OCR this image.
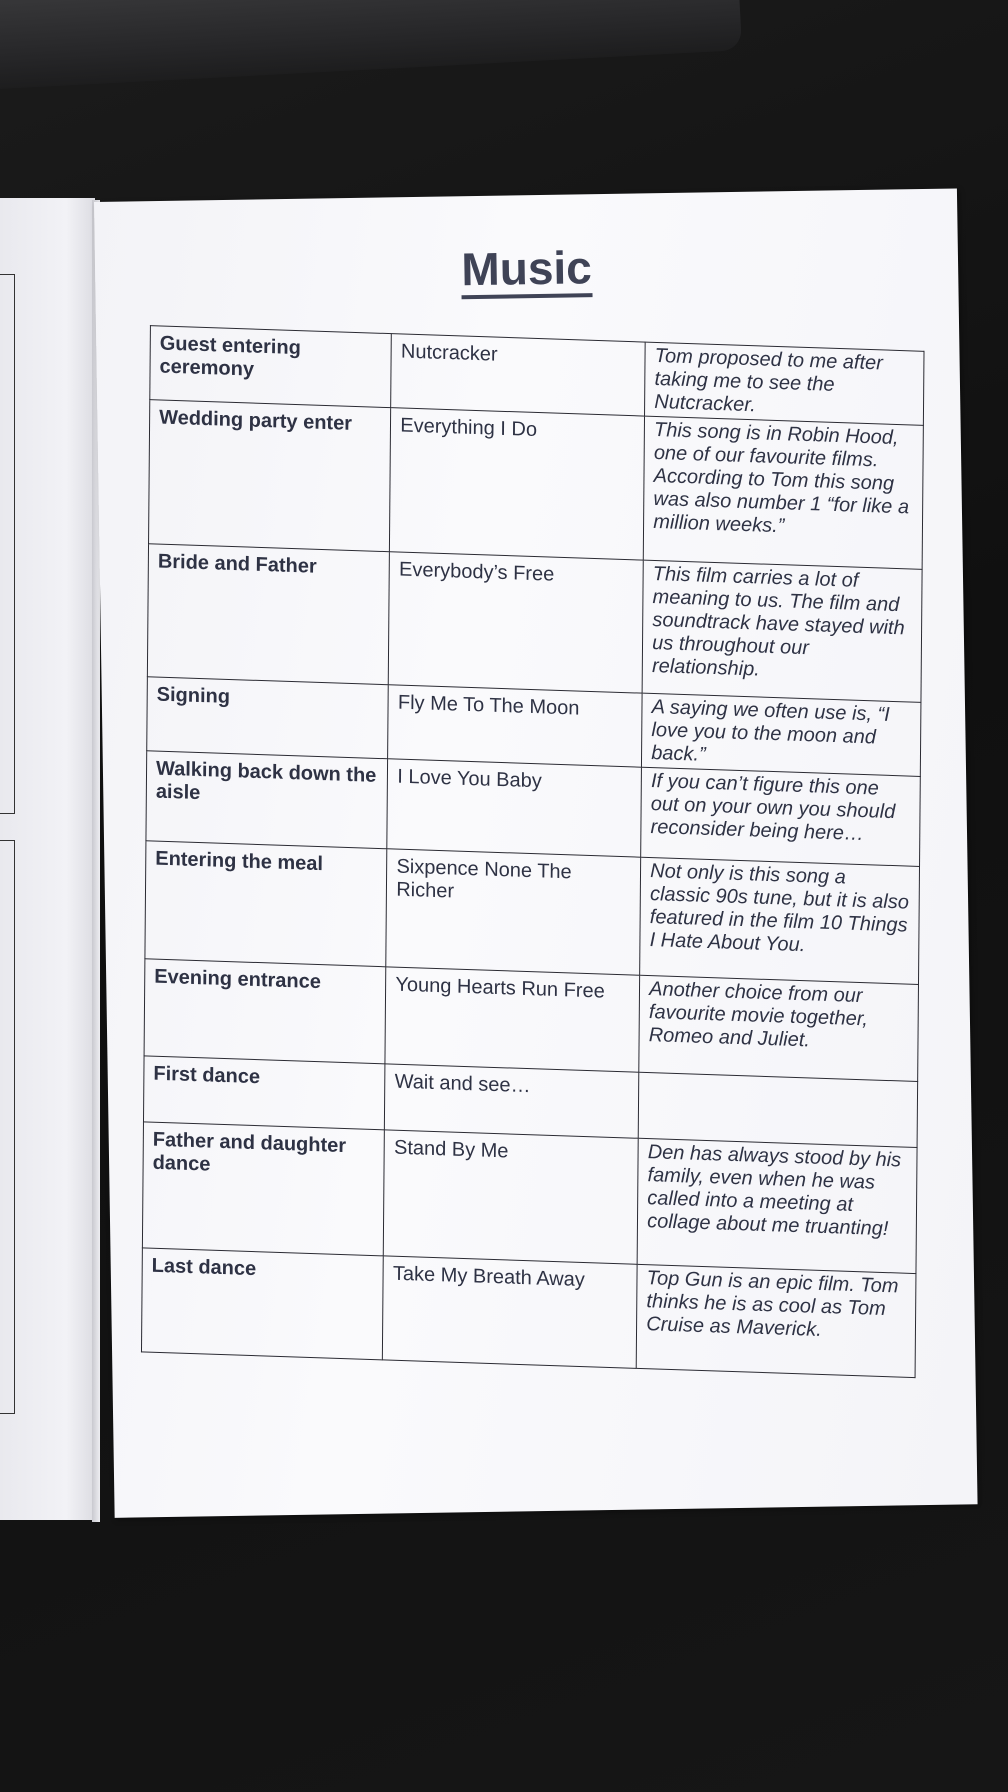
Music
Guest entering ceremony	Nutcracker	Tom proposed to me after taking me to see the Nutcracker.
Wedding party enter	Everything I Do	This song is in Robin Hood, one of our favourite films. According to Tom this song was also number 1 “for like a million weeks.”
Bride and Father	Everybody’s Free	This film carries a lot of meaning to us. The film and soundtrack have stayed with us throughout our relationship.
Signing	Fly Me To The Moon	A saying we often use is, “I love you to the moon and back.”
Walking back down the aisle	I Love You Baby	If you can’t figure this one out on your own you should reconsider being here…
Entering the meal	Sixpence None The Richer	Not only is this song a classic 90s tune, but it is also featured in the film 10 Things I Hate About You.
Evening entrance	Young Hearts Run Free	Another choice from our favourite movie together, Romeo and Juliet.
First dance	Wait and see…	
Father and daughter dance	Stand By Me	Den has always stood by his family, even when he was called into a meeting at collage about me truanting!
Last dance	Take My Breath Away	Top Gun is an epic film. Tom thinks he is as cool as Tom Cruise as Maverick.
